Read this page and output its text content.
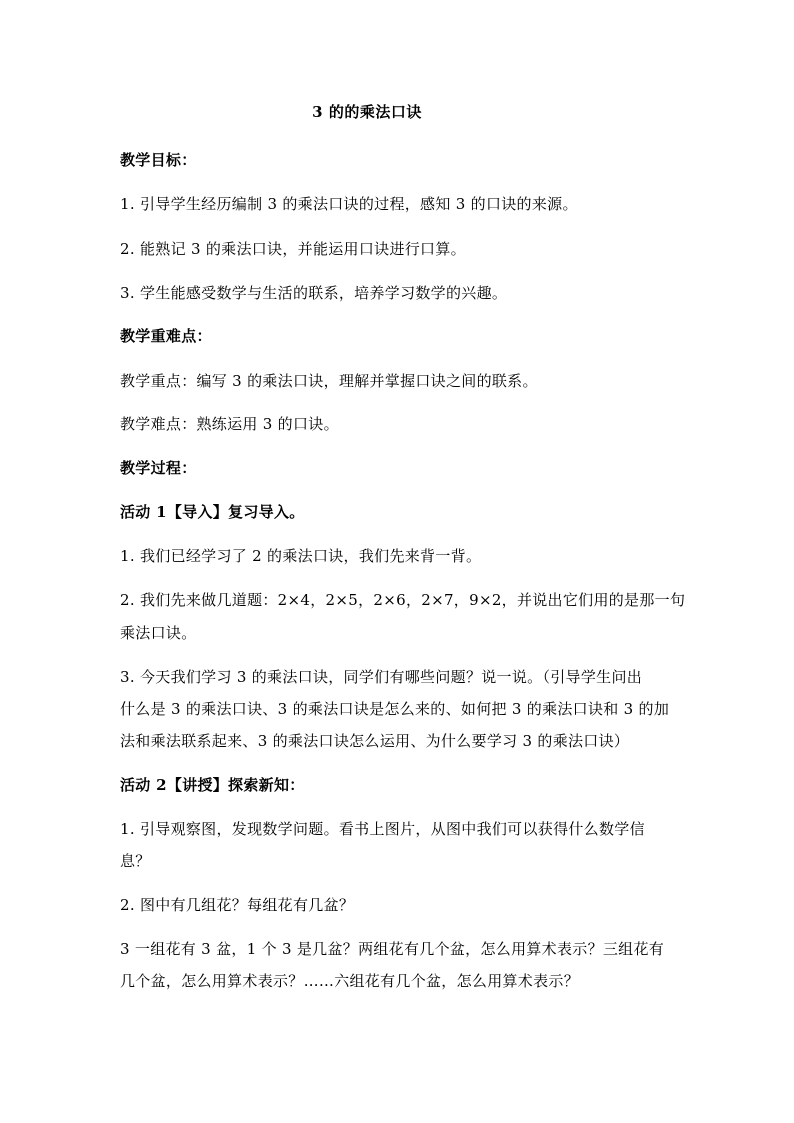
3 的的乘法口诀
教学目标：
1. 引导学生经历编制 3 的乘法口诀的过程，感知 3 的口诀的来源。
2. 能熟记 3 的乘法口诀，并能运用口诀进行口算。
3. 学生能感受数学与生活的联系，培养学习数学的兴趣。
教学重难点：
教学重点：编写 3 的乘法口诀，理解并掌握口诀之间的联系。
教学难点：熟练运用 3 的口诀。
教学过程：
活动 1【导入】复习导入。
1. 我们已经学习了 2 的乘法口诀，我们先来背一背。
2. 我们先来做几道题：2×4，2×5，2×6，2×7，9×2，并说出它们用的是那一句
乘法口诀。
3. 今天我们学习 3 的乘法口诀，同学们有哪些问题？说一说。（引导学生问出
什么是 3 的乘法口诀、3 的乘法口诀是怎么来的、如何把 3 的乘法口诀和 3 的加
法和乘法联系起来、3 的乘法口诀怎么运用、为什么要学习 3 的乘法口诀）
活动 2【讲授】探索新知：
1. 引导观察图，发现数学问题。看书上图片，从图中我们可以获得什么数学信
息？
2. 图中有几组花？每组花有几盆？
3 一组花有 3 盆，1 个 3 是几盆？两组花有几个盆，怎么用算术表示？三组花有
几个盆，怎么用算术表示？……六组花有几个盆，怎么用算术表示？
